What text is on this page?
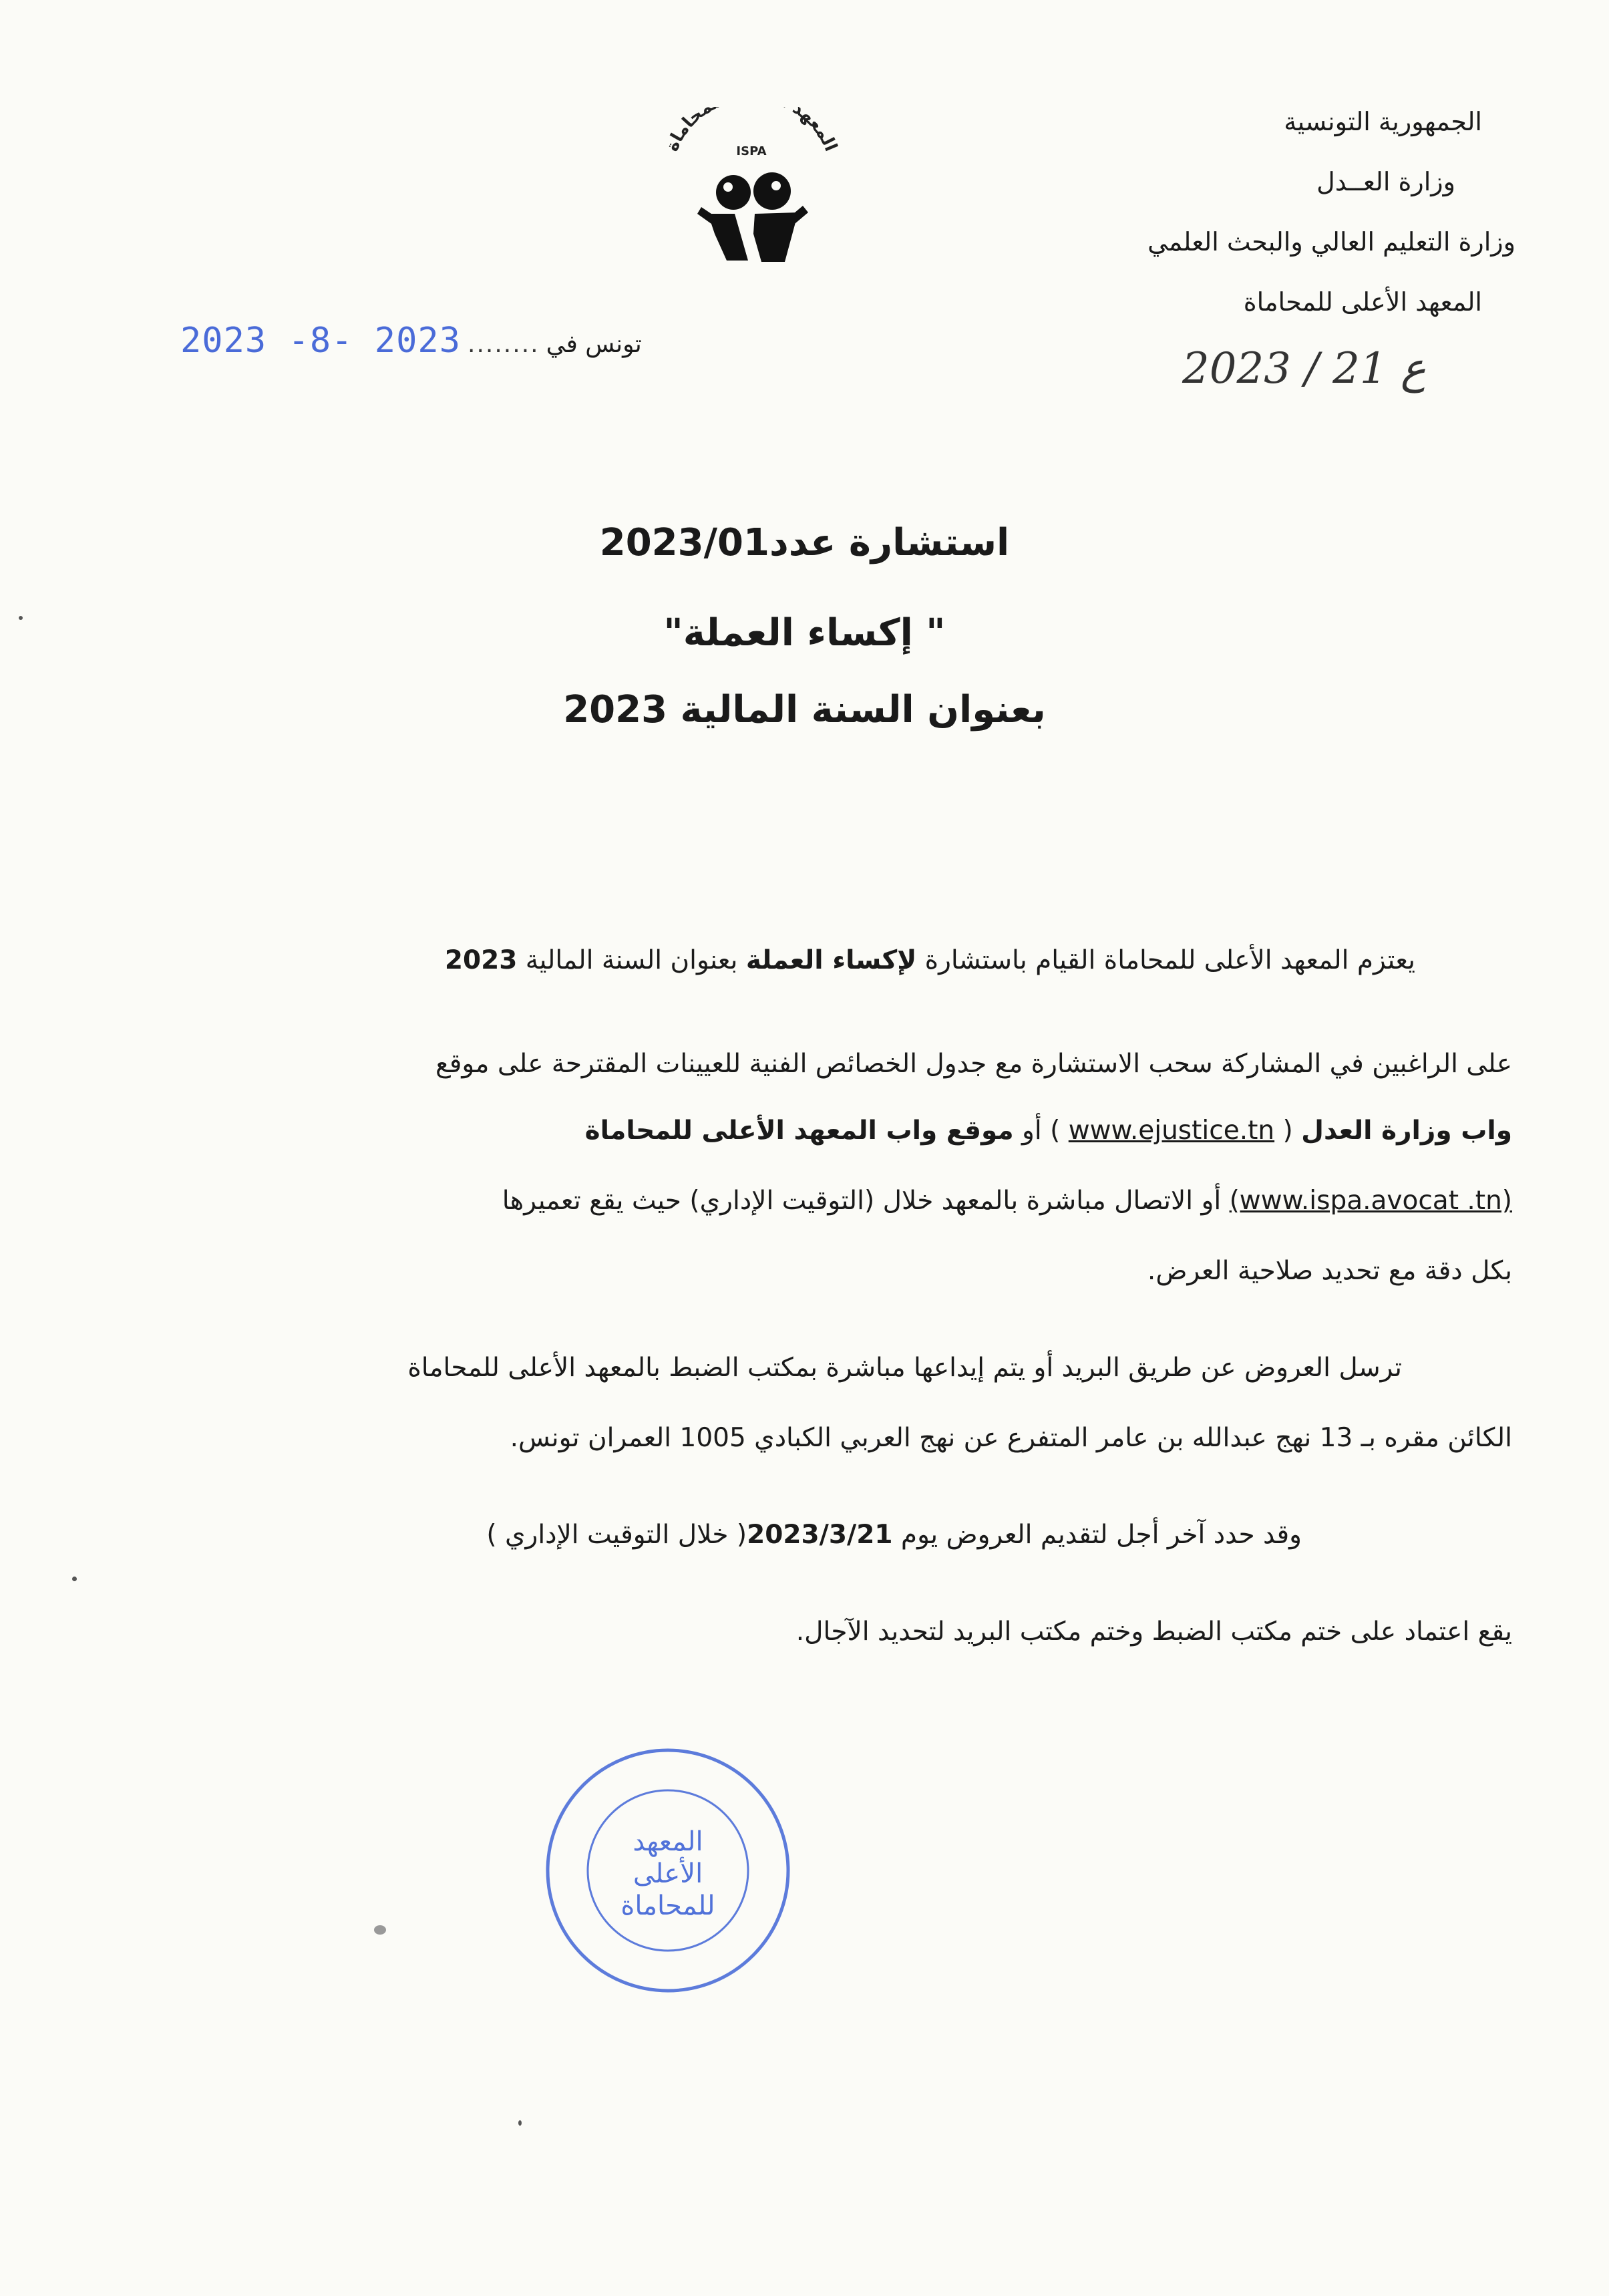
الجمهورية التونسية
وزارة العــدل
وزارة التعليم العالي والبحث العلمي
المعهد الأعلى للمحاماة
المعهد محاماة	ISPA
تونس في
........
2023 -8- 2023
2023 / 21 ع
استشارة عدد2023/01
" إكساء العملة"
بعنوان السنة المالية 2023
يعتزم المعهد الأعلى للمحاماة القيام باستشارة لإكساء العملة بعنوان السنة المالية 2023
على الراغبين في المشاركة سحب الاستشارة مع جدول الخصائص الفنية للعيينات المقترحة على موقع
واب وزارة العدل ( www.ejustice.tn ) أو موقع واب المعهد الأعلى للمحاماة
(www.ispa.avocat .tn) أو الاتصال مباشرة بالمعهد خلال (التوقيت الإداري) حيث يقع تعميرها
بكل دقة مع تحديد صلاحية العرض.
ترسل العروض عن طريق البريد أو يتم إيداعها مباشرة بمكتب الضبط بالمعهد الأعلى للمحاماة
الكائن مقره بـ 13 نهج عبدالله بن عامر المتفرع عن نهج العربي الكبادي 1005 العمران تونس.
وقد حدد آخر أجل لتقديم العروض يوم 2023/3/21( خلال التوقيت الإداري )
يقع اعتماد على ختم مكتب الضبط وختم مكتب البريد لتحديد الآجال.
المعهد
الأعلى
للمحاماة
